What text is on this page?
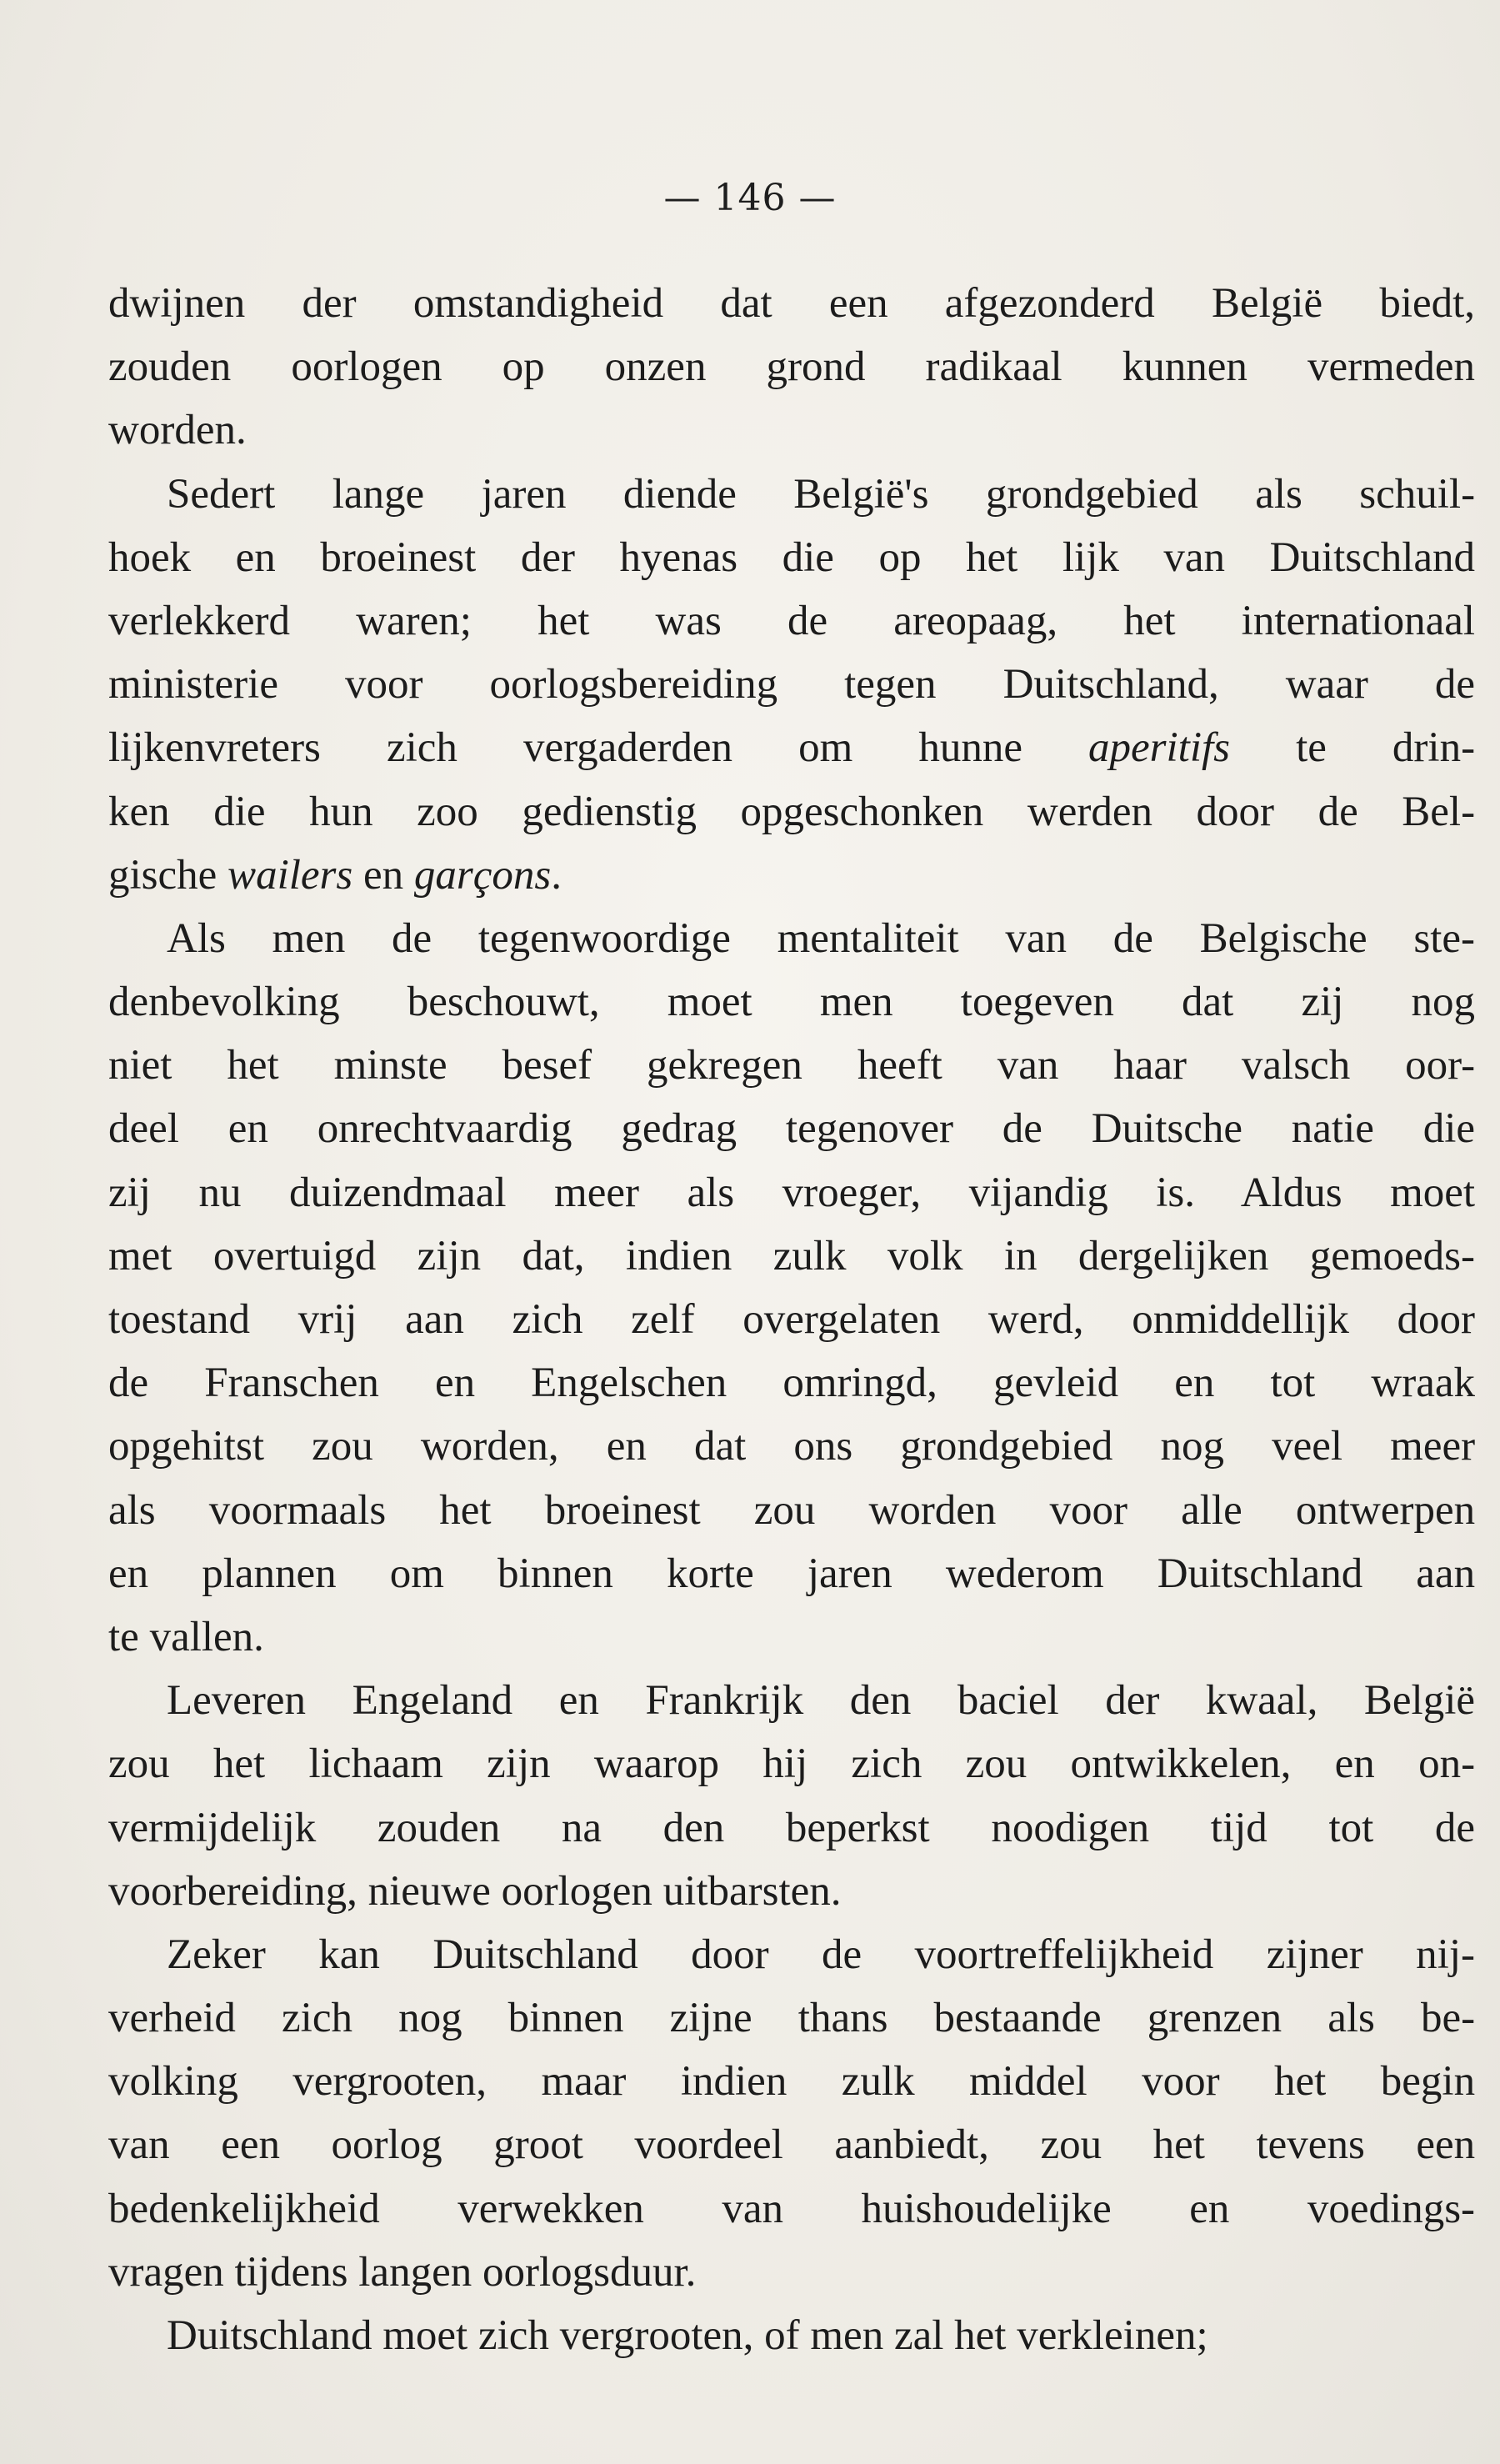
— 146 —
dwijnen der omstandigheid dat een afgezonderd België biedt,
zouden oorlogen op onzen grond radikaal kunnen vermeden
worden.
Sedert lange jaren diende België's grondgebied als schuil-
hoek en broeinest der hyenas die op het lijk van Duitschland
verlekkerd waren; het was de areopaag, het internationaal
ministerie voor oorlogsbereiding tegen Duitschland, waar de
lijkenvreters zich vergaderden om hunne aperitifs te drin-
ken die hun zoo gedienstig opgeschonken werden door de Bel-
gische wailers en garçons.
Als men de tegenwoordige mentaliteit van de Belgische ste-
denbevolking beschouwt, moet men toegeven dat zij nog
niet het minste besef gekregen heeft van haar valsch oor-
deel en onrechtvaardig gedrag tegenover de Duitsche natie die
zij nu duizendmaal meer als vroeger, vijandig is. Aldus moet
met overtuigd zijn dat, indien zulk volk in dergelijken gemoeds-
toestand vrij aan zich zelf overgelaten werd, onmiddellijk door
de Franschen en Engelschen omringd, gevleid en tot wraak
opgehitst zou worden, en dat ons grondgebied nog veel meer
als voormaals het broeinest zou worden voor alle ontwerpen
en plannen om binnen korte jaren wederom Duitschland aan
te vallen.
Leveren Engeland en Frankrijk den baciel der kwaal, België
zou het lichaam zijn waarop hij zich zou ontwikkelen, en on-
vermijdelijk zouden na den beperkst noodigen tijd tot de
voorbereiding, nieuwe oorlogen uitbarsten.
Zeker kan Duitschland door de voortreffelijkheid zijner nij-
verheid zich nog binnen zijne thans bestaande grenzen als be-
volking vergrooten, maar indien zulk middel voor het begin
van een oorlog groot voordeel aanbiedt, zou het tevens een
bedenkelijkheid verwekken van huishoudelijke en voedings-
vragen tijdens langen oorlogsduur.
Duitschland moet zich vergrooten, of men zal het verkleinen;
